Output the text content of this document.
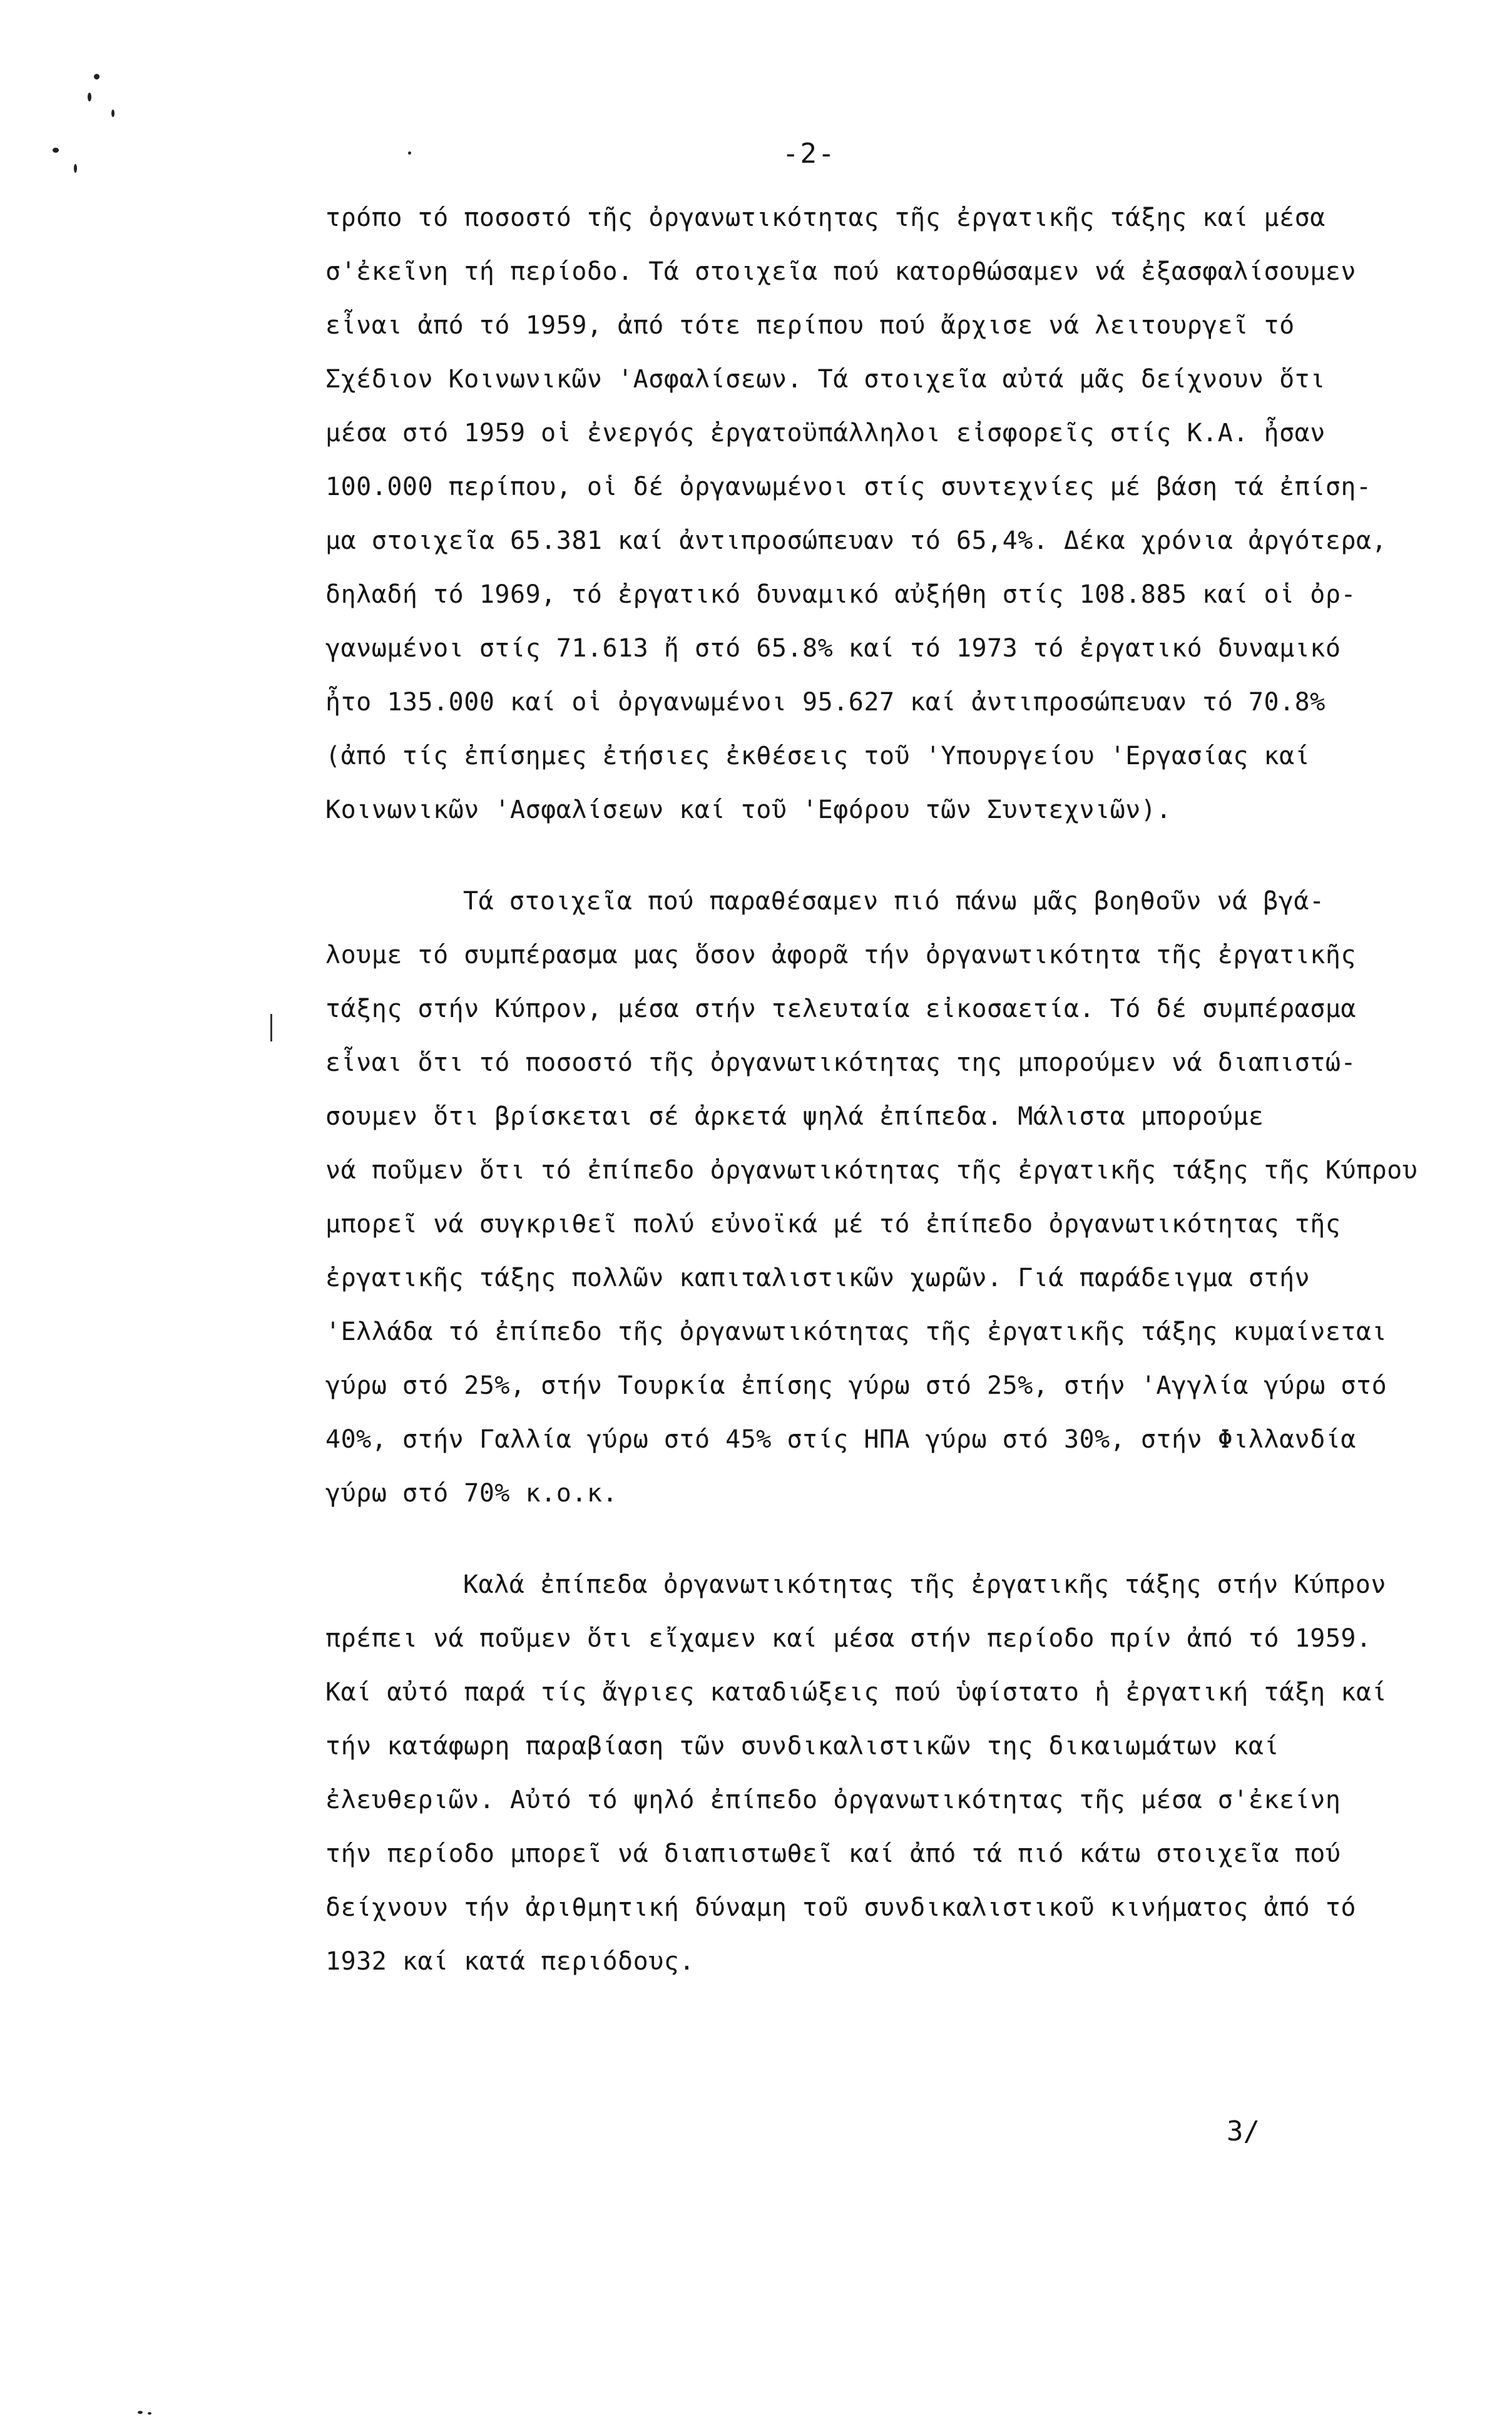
-2-
τρόπο τό ποσοστό τῆς ὀργανωτικότητας τῆς ἐργατικῆς τάξης καί μέσα
σ'ἐκεῖνη τή περίοδο. Τά στοιχεῖα πού κατορθώσαμεν νά ἐξασφαλίσουμεν
εἶναι ἀπό τό 1959, ἀπό τότε περίπου πού ἄρχισε νά λειτουργεῖ τό
Σχέδιον Κοινωνικῶν 'Ασφαλίσεων. Τά στοιχεῖα αὐτά μᾶς δείχνουν ὅτι
μέσα στό 1959 οἱ ἐνεργός ἐργατοϋπάλληλοι εἰσφορεῖς στίς Κ.Α. ἦσαν
100.000 περίπου, οἱ δέ ὀργανωμένοι στίς συντεχνίες μέ βάση τά ἐπίση-
μα στοιχεῖα 65.381 καί ἀντιπροσώπευαν τό 65,4%. Δέκα χρόνια ἀργότερα,
δηλαδή τό 1969, τό ἐργατικό δυναμικό αὐξήθη στίς 108.885 καί οἱ ὀρ-
γανωμένοι στίς 71.613 ἤ στό 65.8% καί τό 1973 τό ἐργατικό δυναμικό
ἦτο 135.000 καί οἱ ὀργανωμένοι 95.627 καί ἀντιπροσώπευαν τό 70.8%
(ἀπό τίς ἐπίσημες ἐτήσιες ἐκθέσεις τοῦ 'Υπουργείου 'Εργασίας καί
Κοινωνικῶν 'Ασφαλίσεων καί τοῦ 'Εφόρου τῶν Συντεχνιῶν).
Τά στοιχεῖα πού παραθέσαμεν πιό πάνω μᾶς βοηθοῦν νά βγά-
λουμε τό συμπέρασμα μας ὅσον ἀφορᾶ τήν ὀργανωτικότητα τῆς ἐργατικῆς
τάξης στήν Κύπρον, μέσα στήν τελευταία εἰκοσαετία. Τό δέ συμπέρασμα
εἶναι ὅτι τό ποσοστό τῆς ὀργανωτικότητας της μπορούμεν νά διαπιστώ-
σουμεν ὅτι βρίσκεται σέ ἀρκετά ψηλά ἐπίπεδα. Μάλιστα μπορούμε
νά ποῦμεν ὅτι τό ἐπίπεδο ὀργανωτικότητας τῆς ἐργατικῆς τάξης τῆς Κύπρου
μπορεῖ νά συγκριθεῖ πολύ εὐνοϊκά μέ τό ἐπίπεδο ὀργανωτικότητας τῆς
ἐργατικῆς τάξης πολλῶν καπιταλιστικῶν χωρῶν. Γιά παράδειγμα στήν
'Ελλάδα τό ἐπίπεδο τῆς ὀργανωτικότητας τῆς ἐργατικῆς τάξης κυμαίνεται
γύρω στό 25%, στήν Τουρκία ἐπίσης γύρω στό 25%, στήν 'Αγγλία γύρω στό
40%, στήν Γαλλία γύρω στό 45% στίς ΗΠΑ γύρω στό 30%, στήν Φιλλανδία
γύρω στό 70% κ.ο.κ.
Καλά ἐπίπεδα ὀργανωτικότητας τῆς ἐργατικῆς τάξης στήν Κύπρον
πρέπει νά ποῦμεν ὅτι εἴχαμεν καί μέσα στήν περίοδο πρίν ἀπό τό 1959.
Καί αὐτό παρά τίς ἄγριες καταδιώξεις πού ὑφίστατο ἡ ἐργατική τάξη καί
τήν κατάφωρη παραβίαση τῶν συνδικαλιστικῶν της δικαιωμάτων καί
ἐλευθεριῶν. Αὐτό τό ψηλό ἐπίπεδο ὀργανωτικότητας τῆς μέσα σ'ἐκείνη
τήν περίοδο μπορεῖ νά διαπιστωθεῖ καί ἀπό τά πιό κάτω στοιχεῖα πού
δείχνουν τήν ἀριθμητική δύναμη τοῦ συνδικαλιστικοῦ κινήματος ἀπό τό
1932 καί κατά περιόδους.
3/
